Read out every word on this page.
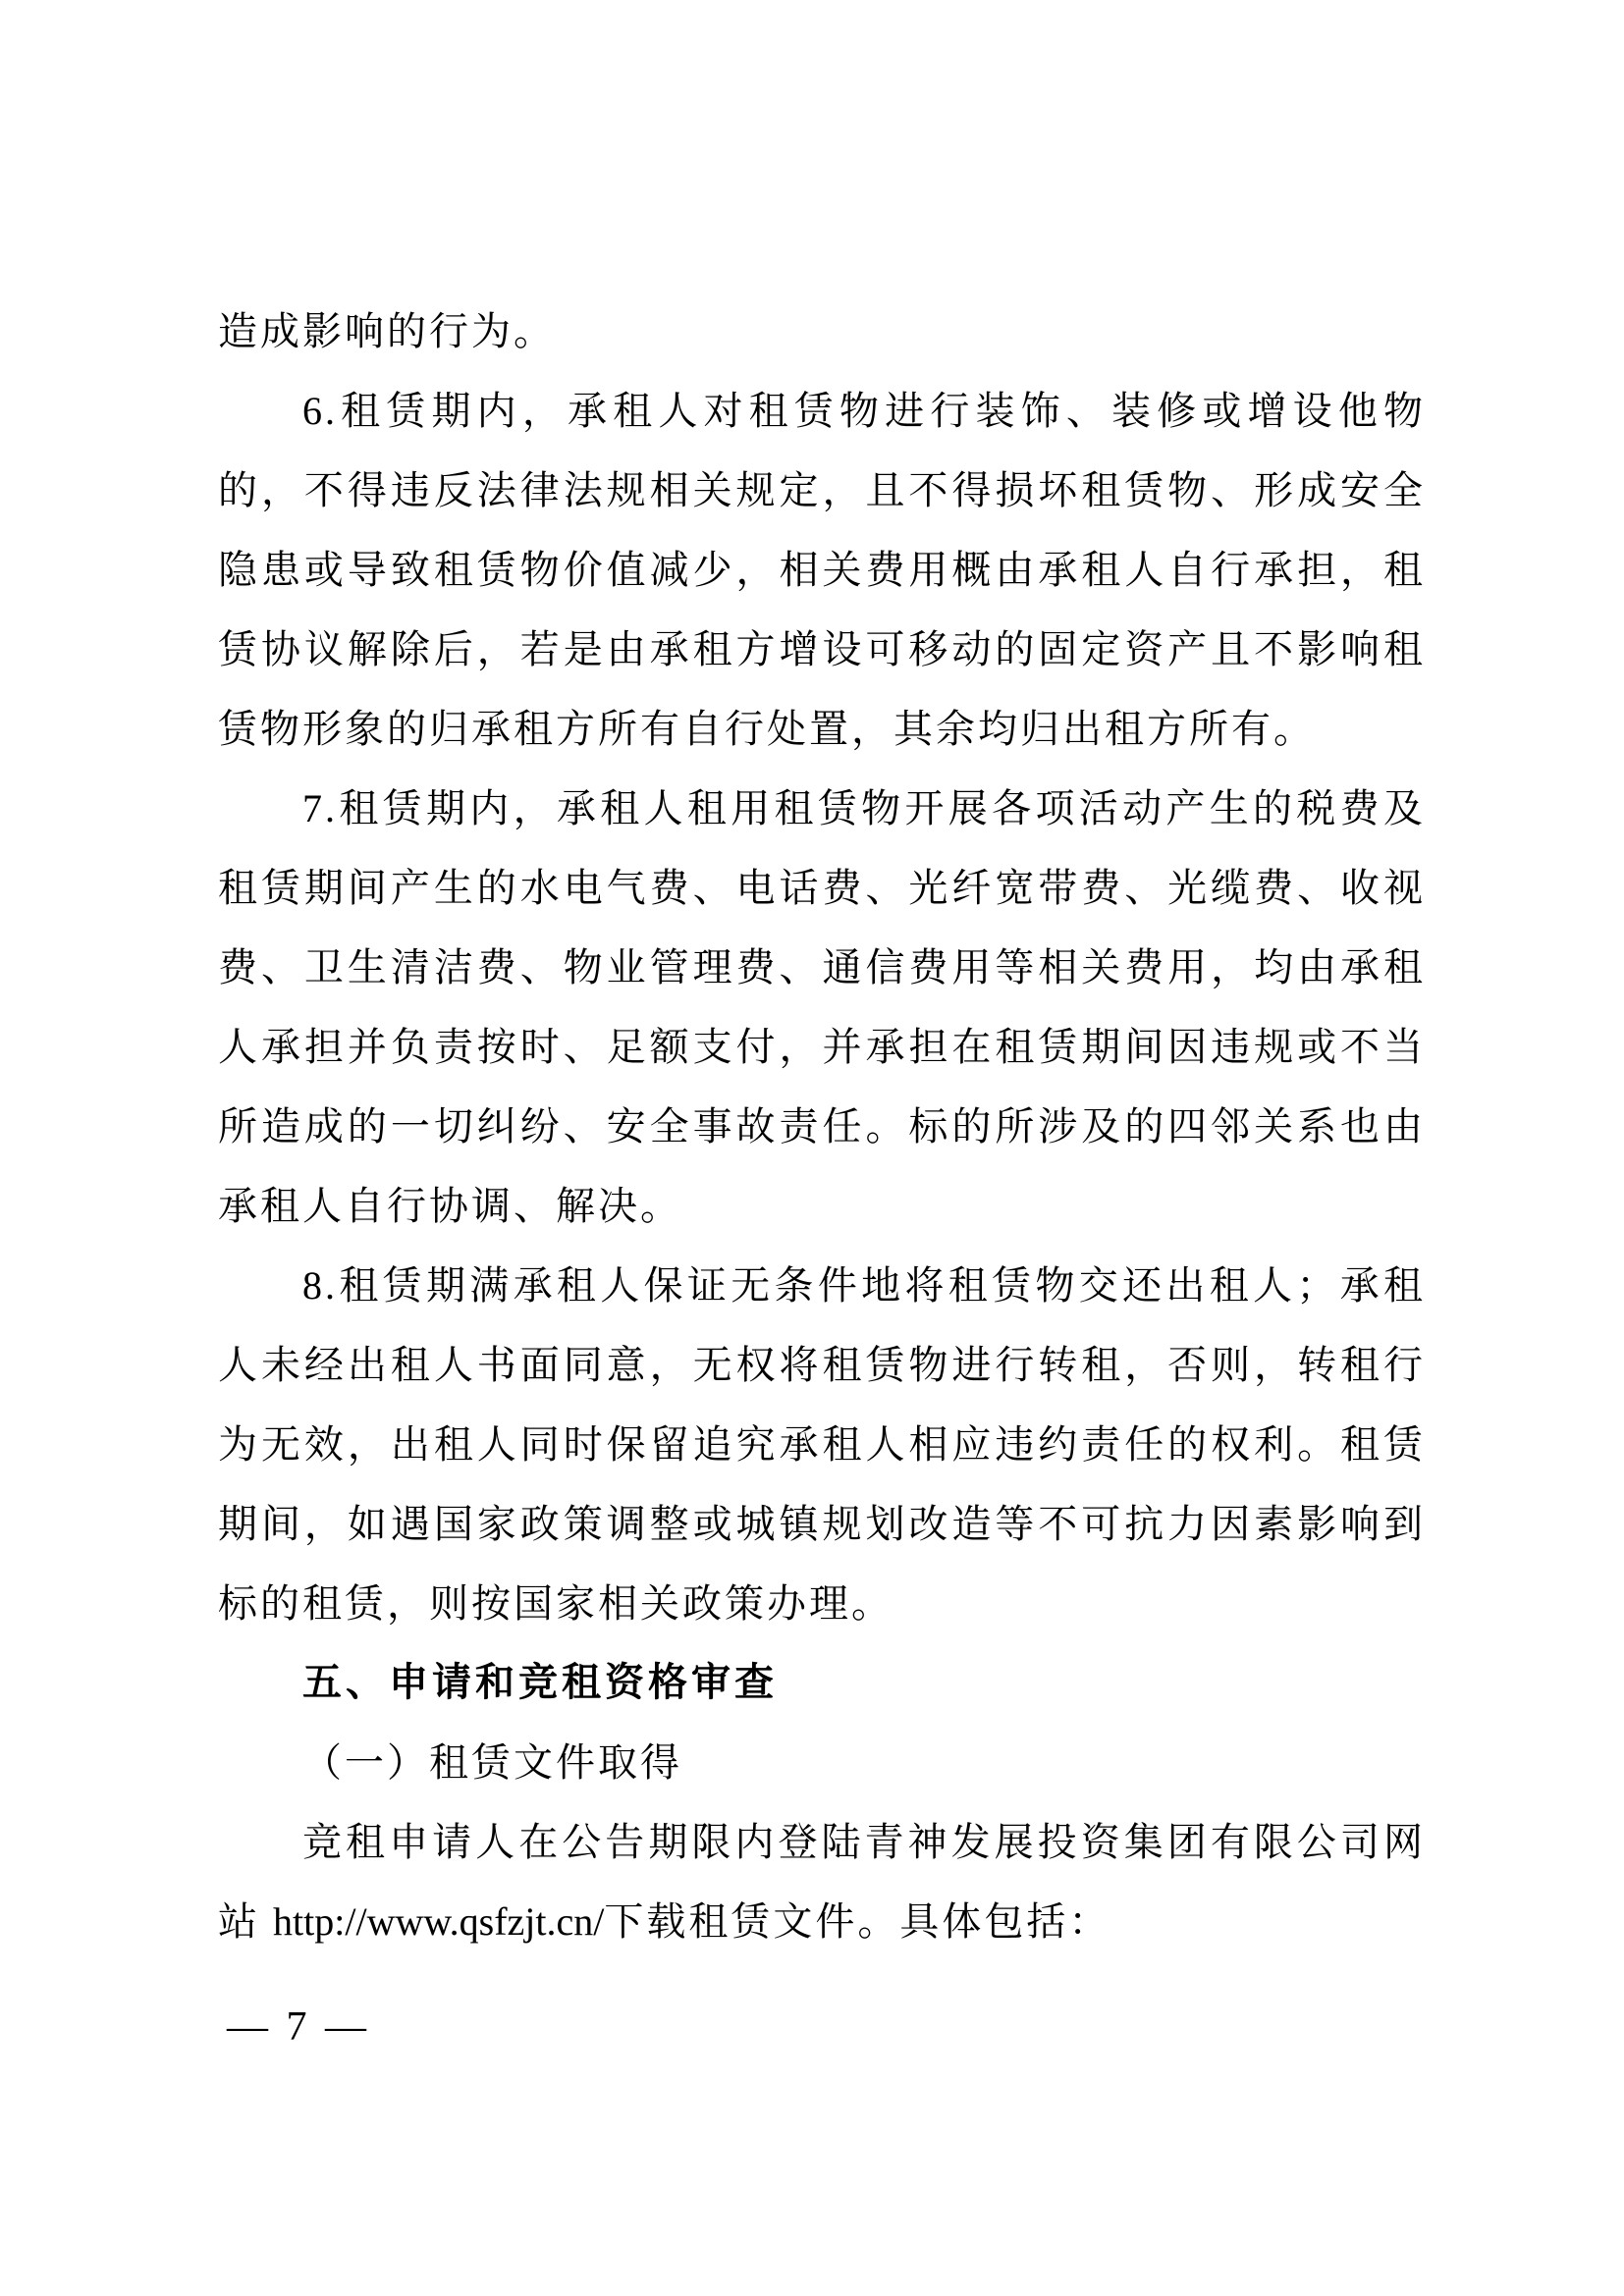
造成影响的行为。

6.租赁期内，承租人对租赁物进行装饰、装修或增设他物的，不得违反法律法规相关规定，且不得损坏租赁物、形成安全隐患或导致租赁物价值减少，相关费用概由承租人自行承担，租赁协议解除后，若是由承租方增设可移动的固定资产且不影响租赁物形象的归承租方所有自行处置，其余均归出租方所有。

7.租赁期内，承租人租用租赁物开展各项活动产生的税费及租赁期间产生的水电气费、电话费、光纤宽带费、光缆费、收视费、卫生清洁费、物业管理费、通信费用等相关费用，均由承租人承担并负责按时、足额支付，并承担在租赁期间因违规或不当所造成的一切纠纷、安全事故责任。标的所涉及的四邻关系也由承租人自行协调、解决。

8.租赁期满承租人保证无条件地将租赁物交还出租人；承租人未经出租人书面同意，无权将租赁物进行转租，否则，转租行为无效，出租人同时保留追究承租人相应违约责任的权利。租赁期间，如遇国家政策调整或城镇规划改造等不可抗力因素影响到标的租赁，则按国家相关政策办理。

五、申请和竞租资格审查

（一）租赁文件取得

竞租申请人在公告期限内登陆青神发展投资集团有限公司网站 http://www.qsfzjt.cn/下载租赁文件。具体包括：

— 7 —
